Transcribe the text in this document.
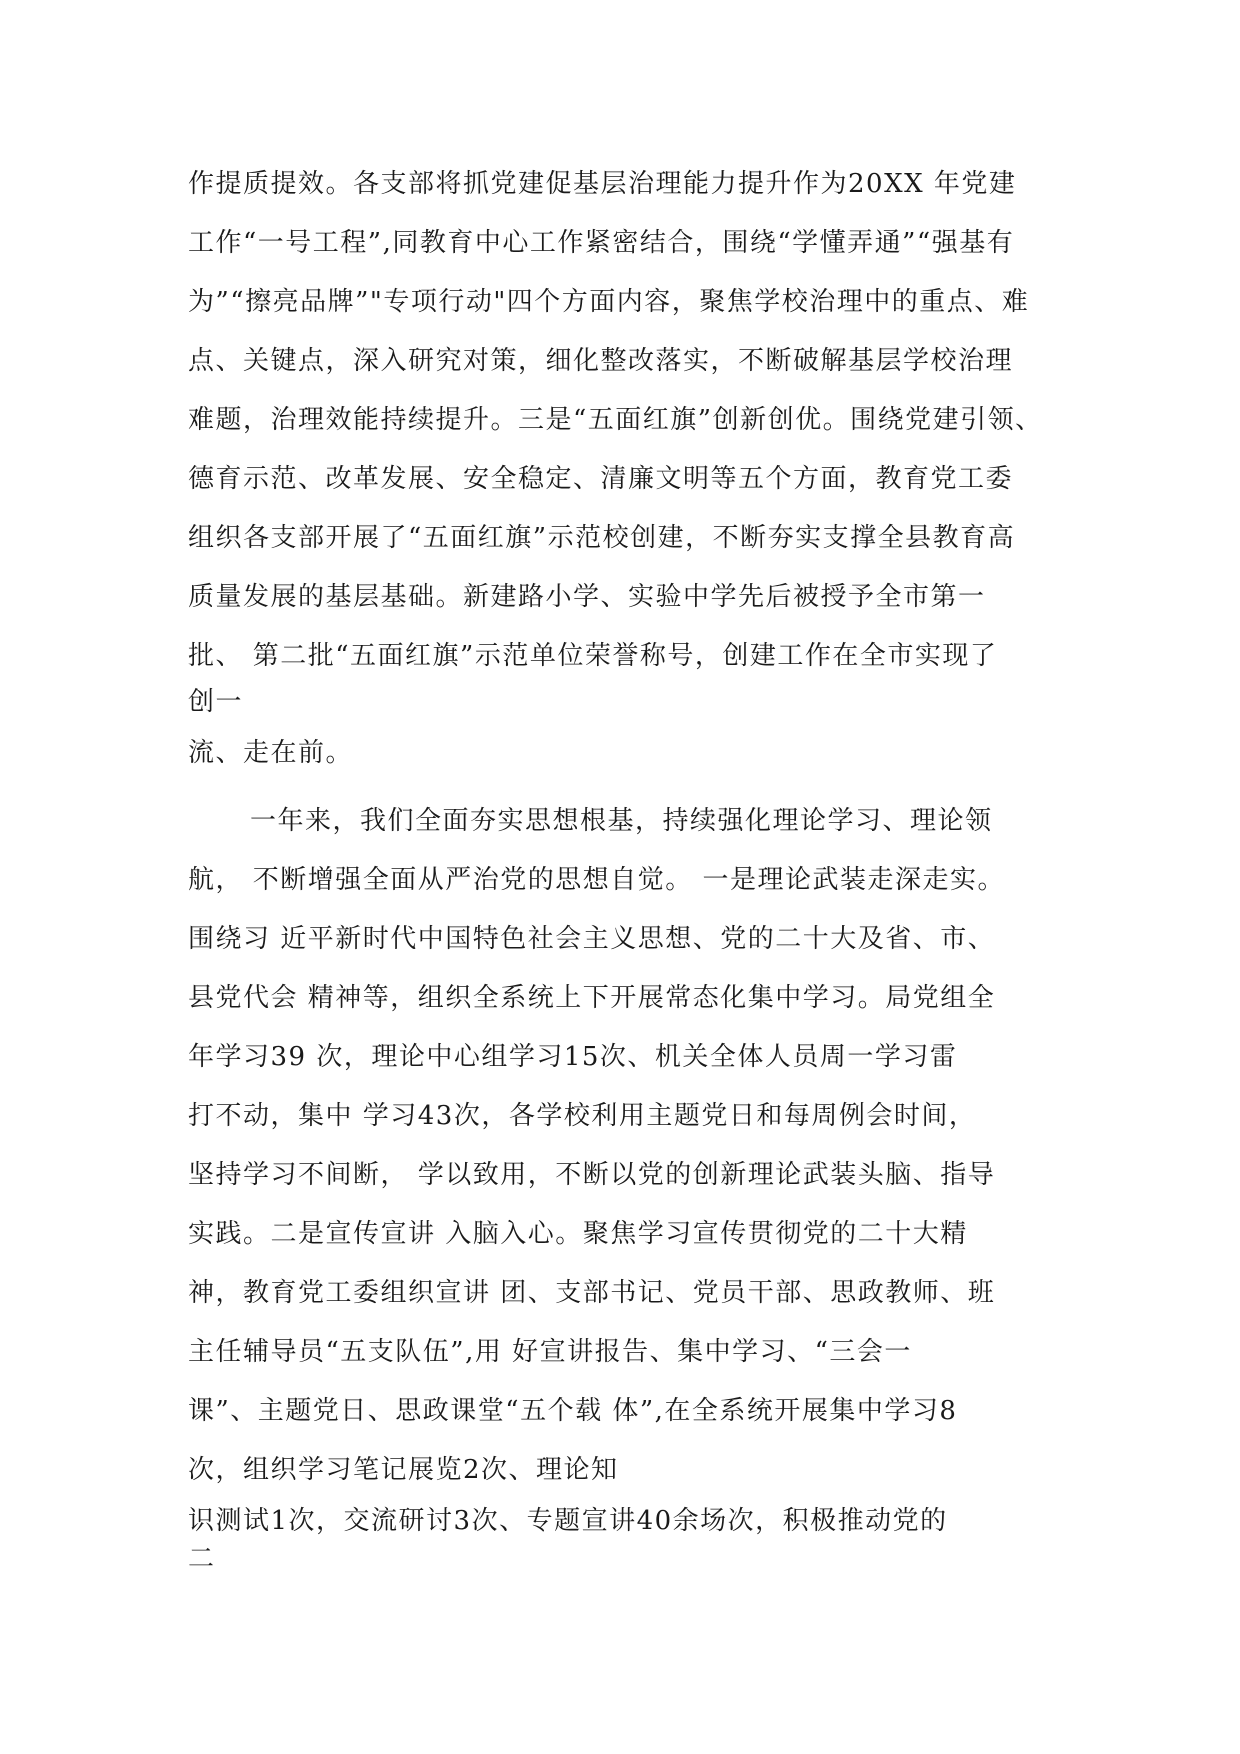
作提质提效。各支部将抓党建促基层治理能力提升作为20XX 年党建

工作“一号工程”,同教育中心工作紧密结合，围绕“学懂弄通”“强基有

为”“擦亮品牌”"专项行动"四个方面内容，聚焦学校治理中的重点、难

点、关键点，深入研究对策，细化整改落实，不断破解基层学校治理

难题，治理效能持续提升。三是“五面红旗”创新创优。围绕党建引领、

德育示范、改革发展、安全稳定、清廉文明等五个方面，教育党工委

组织各支部开展了“五面红旗”示范校创建，不断夯实支撑全县教育高

质量发展的基层基础。新建路小学、实验中学先后被授予全市第一

批、 第二批“五面红旗”示范单位荣誉称号，创建工作在全市实现了

创一

流、走在前。

一年来，我们全面夯实思想根基，持续强化理论学习、理论领

航， 不断增强全面从严治党的思想自觉。 一是理论武装走深走实。

围绕习 近平新时代中国特色社会主义思想、党的二十大及省、市、

县党代会 精神等，组织全系统上下开展常态化集中学习。局党组全

年学习39 次，理论中心组学习15次、机关全体人员周一学习雷

打不动，集中 学习43次，各学校利用主题党日和每周例会时间，

坚持学习不间断， 学以致用，不断以党的创新理论武装头脑、指导

实践。二是宣传宣讲 入脑入心。聚焦学习宣传贯彻党的二十大精

神，教育党工委组织宣讲 团、支部书记、党员干部、思政教师、班

主任辅导员“五支队伍”,用 好宣讲报告、集中学习、“三会一

课”、主题党日、思政课堂“五个载 体”,在全系统开展集中学习8

次，组织学习笔记展览2次、理论知

识测试1次，交流研讨3次、专题宣讲40余场次，积极推动党的

二
